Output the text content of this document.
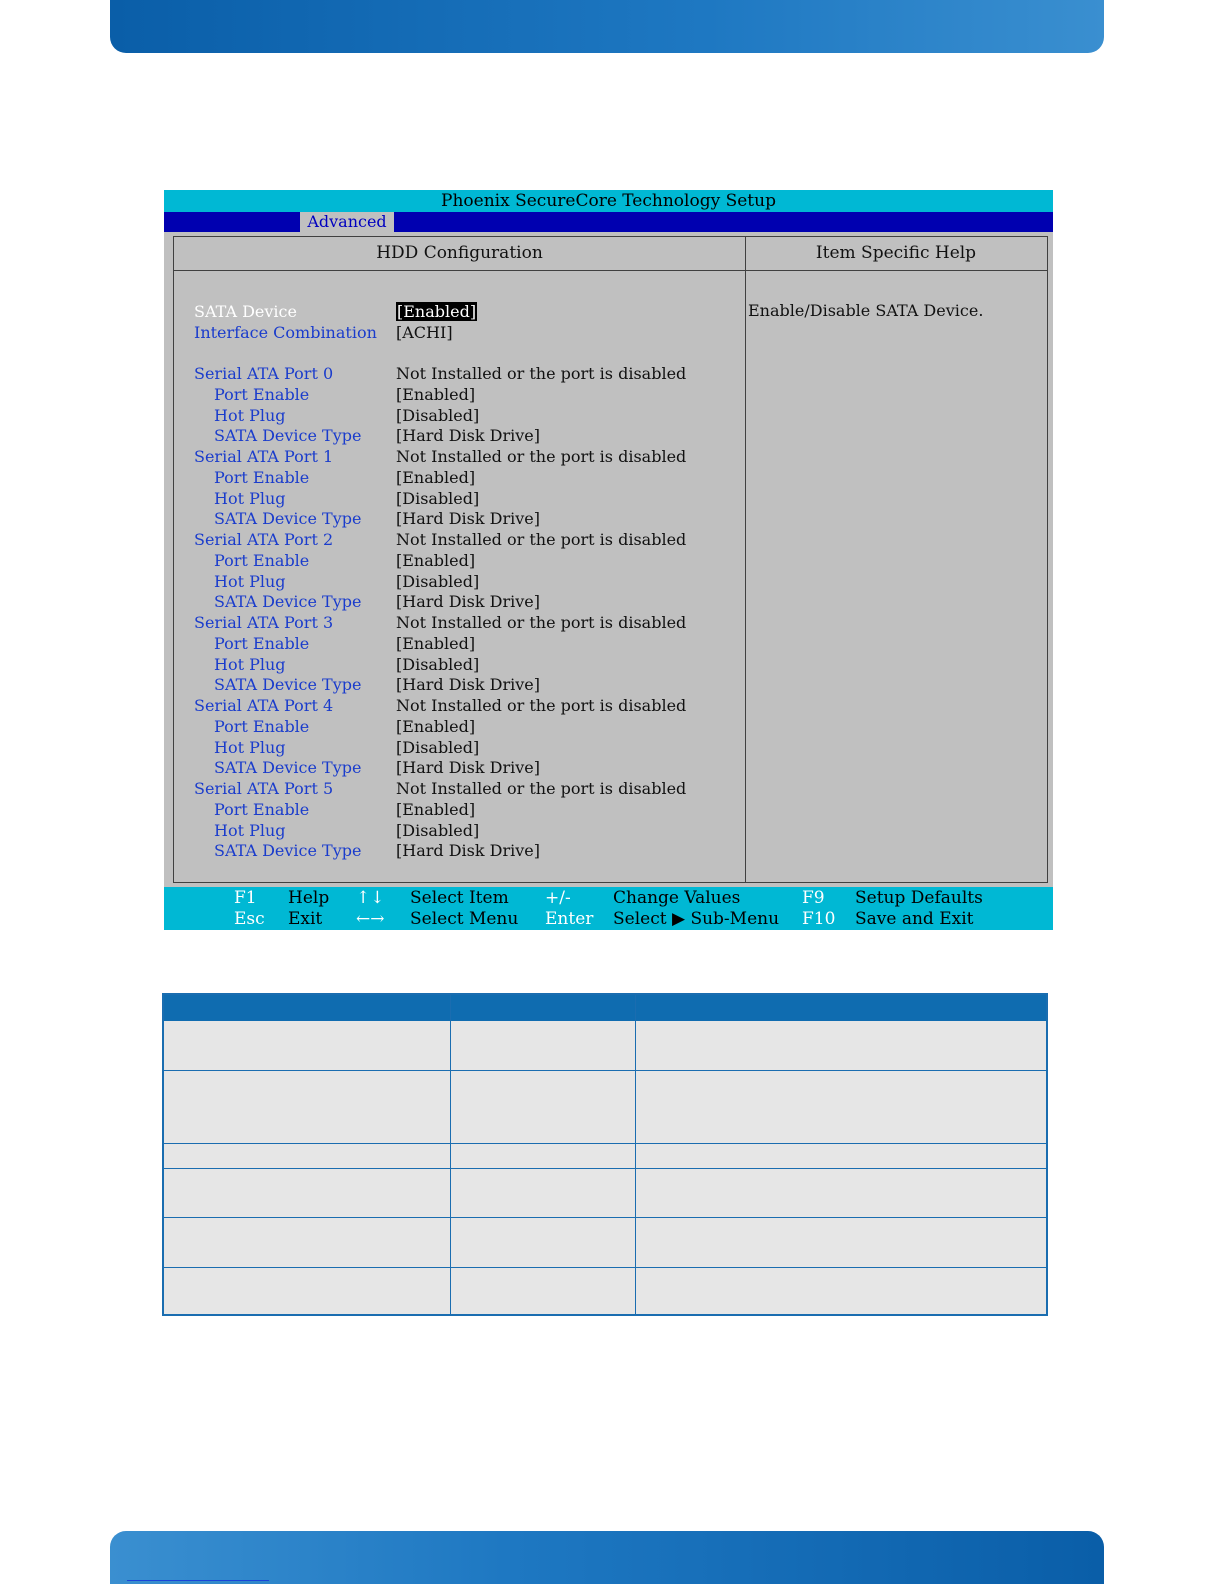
Phoenix SecureCore Technology Setup
Advanced
HDD Configuration
SATA Device	[Enabled]
Interface Combination [ACHI]
Serial ATA Port 0	Not Installed or the port is disabled
Port Enable	[Enabled]
Hot Plug	[Disabled]
SATA Device Type [Hard Disk Drive]
Serial ATA Port 1	Not Installed or the port is disabled
Port Enable	[Enabled]
Hot Plug	[Disabled]
SATA Device Type [Hard Disk Drive]
Serial ATA Port 2	Not Installed or the port is disabled
Port Enable	[Enabled]
Hot Plug	[Disabled]
SATA Device Type [Hard Disk Drive]
Serial ATA Port 3	Not Installed or the port is disabled
Port Enable	[Enabled]
Hot Plug	[Disabled]
SATA Device Type [Hard Disk Drive]
Serial ATA Port 4	Not Installed or the port is disabled
Port Enable	[Enabled]
Hot Plug	[Disabled]
SATA Device Type [Hard Disk Drive]
Serial ATA Port 5	Not Installed or the port is disabled
Port Enable	[Enabled]
Hot Plug	[Disabled]
SATA Device Type [Hard Disk Drive]
Item Specific Help
Enable/Disable SATA Device.
F1 Help ↑↓ Select Item +/- Change Values	F9 Setup Defaults
Esc Exit ←→ Select Menu Enter Select ▶ Sub-Menu F10 Save and Exit
